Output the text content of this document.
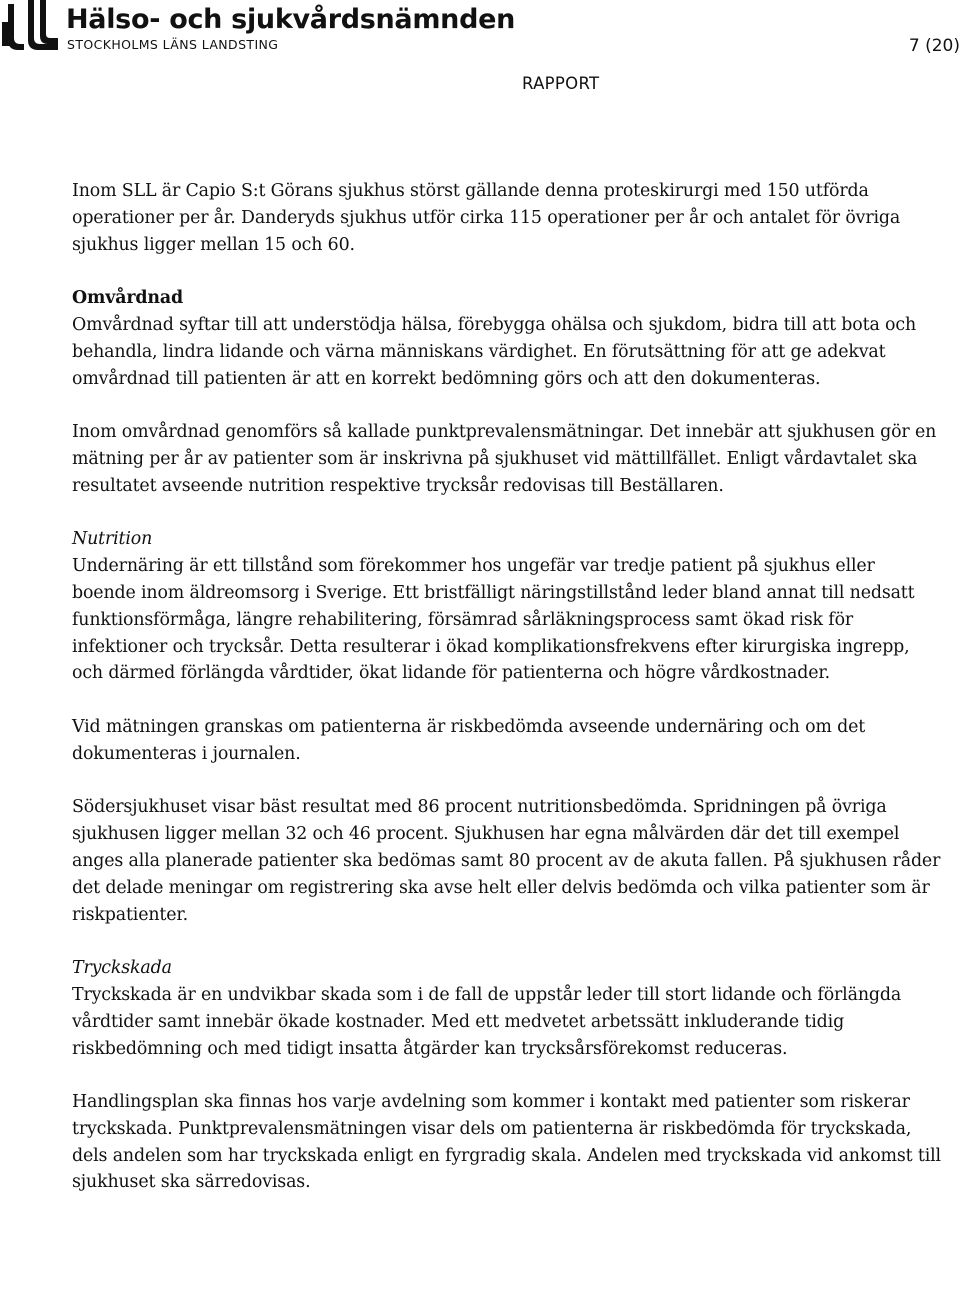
Hälso- och sjukvårdsnämnden
STOCKHOLMS LÄNS LANDSTING	7 (20)
RAPPORT

Inom SLL är Capio S:t Görans sjukhus störst gällande denna proteskirurgi med 150 utförda operationer per år. Danderyds sjukhus utför cirka 115 operationer per år och antalet för övriga sjukhus ligger mellan 15 och 60.

Omvårdnad

Omvårdnad syftar till att understödja hälsa, förebygga ohälsa och sjukdom, bidra till att bota och behandla, lindra lidande och värna människans värdighet. En förutsättning för att ge adekvat omvårdnad till patienten är att en korrekt bedömning görs och att den dokumenteras.

Inom omvårdnad genomförs så kallade punktprevalensmätningar. Det innebär att sjukhusen gör en mätning per år av patienter som är inskrivna på sjukhuset vid mättillfället. Enligt vårdavtalet ska resultatet avseende nutrition respektive trycksår redovisas till Beställaren.

Nutrition

Undernäring är ett tillstånd som förekommer hos ungefär var tredje patient på sjukhus eller boende inom äldreomsorg i Sverige. Ett bristfälligt näringstillstånd leder bland annat till nedsatt funktionsförmåga, längre rehabilitering, försämrad sårläkningsprocess samt ökad risk för infektioner och trycksår. Detta resulterar i ökad komplikationsfrekvens efter kirurgiska ingrepp, och därmed förlängda vårdtider, ökat lidande för patienterna och högre vårdkostnader.

Vid mätningen granskas om patienterna är riskbedömda avseende undernäring och om det dokumenteras i journalen.

Södersjukhuset visar bäst resultat med 86 procent nutritionsbedömda. Spridningen på övriga sjukhusen ligger mellan 32 och 46 procent. Sjukhusen har egna målvärden där det till exempel anges alla planerade patienter ska bedömas samt 80 procent av de akuta fallen. På sjukhusen råder det delade meningar om registrering ska avse helt eller delvis bedömda och vilka patienter som är riskpatienter.

Tryckskada

Tryckskada är en undvikbar skada som i de fall de uppstår leder till stort lidande och förlängda vårdtider samt innebär ökade kostnader. Med ett medvetet arbetssätt inkluderande tidig riskbedömning och med tidigt insatta åtgärder kan trycksårsförekomst reduceras.

Handlingsplan ska finnas hos varje avdelning som kommer i kontakt med patienter som riskerar tryckskada. Punktprevalensmätningen visar dels om patienterna är riskbedömda för tryckskada, dels andelen som har tryckskada enligt en fyrgradig skala. Andelen med tryckskada vid ankomst till sjukhuset ska särredovisas.
